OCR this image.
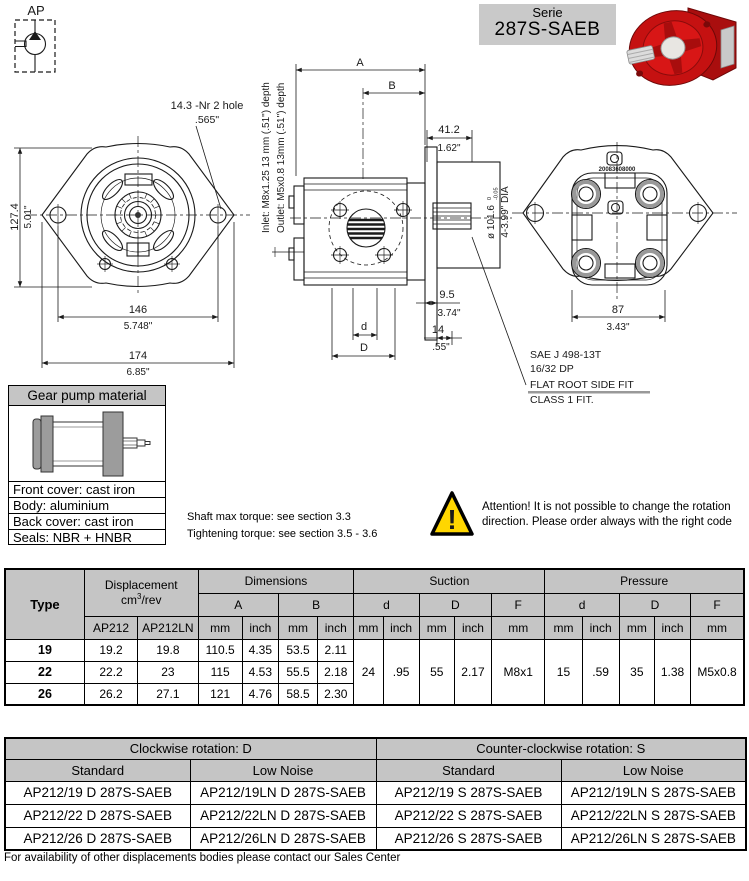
AP
14.3 -Nr 2 hole
.565"
127.4 5.01"
146
5.748"
174
6.85"
Inlet: M8x1.25 13 mm (.51") depth Outlet: M5x0.8 13mm (.51") depth
A
B
41.2
1.62"
d
D
9.5
3.74"
14
.55"
ø 101.6
0 -0.05 4-3.99" DIA
20083608000
87
3.43"
SAE J 498-13T
16/32 DP
FLAT ROOT SIDE FIT
CLASS 1 FIT.
Serie
287S-SAEB
Gear pump material
Front cover: cast iron
Body: aluminium
Back cover: cast iron
Seals: NBR + HNBR
Shaft max torque: see section 3.3
Tightening torque: see section 3.5 - 3.6 ! Attention! It is not possible to change the rotation
direction. Please order always with the right code
Type	Displacement
$cm^3$/rev		Dimensions				Suction					Pressure				
			A		B		d		D		F	d		D		F
	AP212	AP212LN	mm	inch	mm	inch	mm	inch	mm	inch	mm	mm	inch	mm	inch	mm
19	19.2	19.8	110.5	4.35	53.5	2.11	24	.95	55	2.17	M8x1	15	.59	35	1.38	M5x0.8
22	22.2	23	115	4.53	55.5	2.18										
26	26.2	27.1	121	4.76	58.5	2.30										
Clockwise rotation: D		Counter-clockwise rotation: S	
Standard	Low Noise	Standard	Low Noise
AP212/19 D 287S-SAEB	AP212/19LN D 287S-SAEB	AP212/19 S 287S-SAEB	AP212/19LN S 287S-SAEB
AP212/22 D 287S-SAEB	AP212/22LN D 287S-SAEB	AP212/22 S 287S-SAEB	AP212/22LN S 287S-SAEB
AP212/26 D 287S-SAEB	AP212/26LN D 287S-SAEB	AP212/26 S 287S-SAEB	AP212/26LN S 287S-SAEB
For availability of other displacements bodies please contact our Sales Center
